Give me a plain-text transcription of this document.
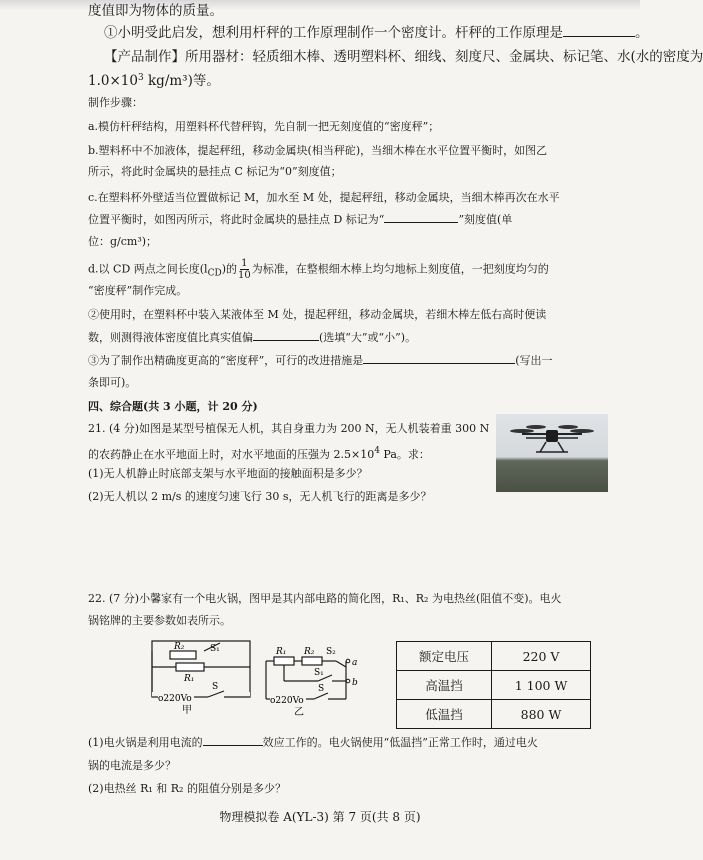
度值即为物体的质量。
①小明受此启发，想利用杆秤的工作原理制作一个密度计。杆秤的工作原理是	。
【产品制作】所用器材：轻质细木棒、透明塑料杯、细线、刻度尺、金属块、标记笔、水(水的密度为
$1.0\times 10^3$ kg/m³)等。
制作步骤：
a.模仿杆秤结构，用塑料杯代替秤钩，先自制一把无刻度值的“密度秤”；
b.塑料杯中不加液体，提起秤纽，移动金属块(相当秤砣)，当细木棒在水平位置平衡时，如图乙
所示，将此时金属块的悬挂点 C 标记为“0”刻度值；
c.在塑料杯外壁适当位置做标记 M，加水至 M 处，提起秤纽，移动金属块，当细木棒再次在水平
位置平衡时，如图丙所示，将此时金属块的悬挂点 D 标记为“	”刻度值(单
位：g/cm³)；
d.以 CD 两点之间长度$(l_{CD})$的 $\frac{1}{10}$ 为标准，在整根细木棒上均匀地标上刻度值，一把刻度均匀的
“密度秤”制作完成。
②使用时，在塑料杯中装入某液体至 M 处，提起秤纽，移动金属块，若细木棒左低右高时便读
数，则测得液体密度值比真实值偏	(选填“大”或“小”)。
③为了制作出精确度更高的“密度秤”，可行的改进措施是	(写出一
条即可)。
四、综合题(共 3 小题，计 20 分)
21. (4 分)如图是某型号植保无人机，其自身重力为 200 N，无人机装着重 300 N
的农药静止在水平地面上时，对水平地面的压强为 $2.5\times 10^4$ Pa。求：
(1)无人机静止时底部支架与水平地面的接触面积是多少？
(2)无人机以 2 m/s 的速度匀速飞行 30 s，无人机飞行的距离是多少？
22. (7 分)小馨家有一个电火锅，图甲是其内部电路的简化图，R₁、R₂ 为电热丝(阻值不变)。电火
锅铭牌的主要参数如表所示。
R₂	S₁
R₁
o220Vo
S
甲
R₁ R₂ S₂
a
S₁
b
o220Vo
S
乙
额定电压	220 V
高温挡	1 100 W
低温挡	880 W
(1)电火锅是利用电流的	效应工作的。电火锅使用“低温挡”正常工作时，通过电火
锅的电流是多少？
(2)电热丝 R₁ 和 R₂ 的阻值分别是多少？
物理模拟卷 A(YL-3) 第 7 页(共 8 页)
